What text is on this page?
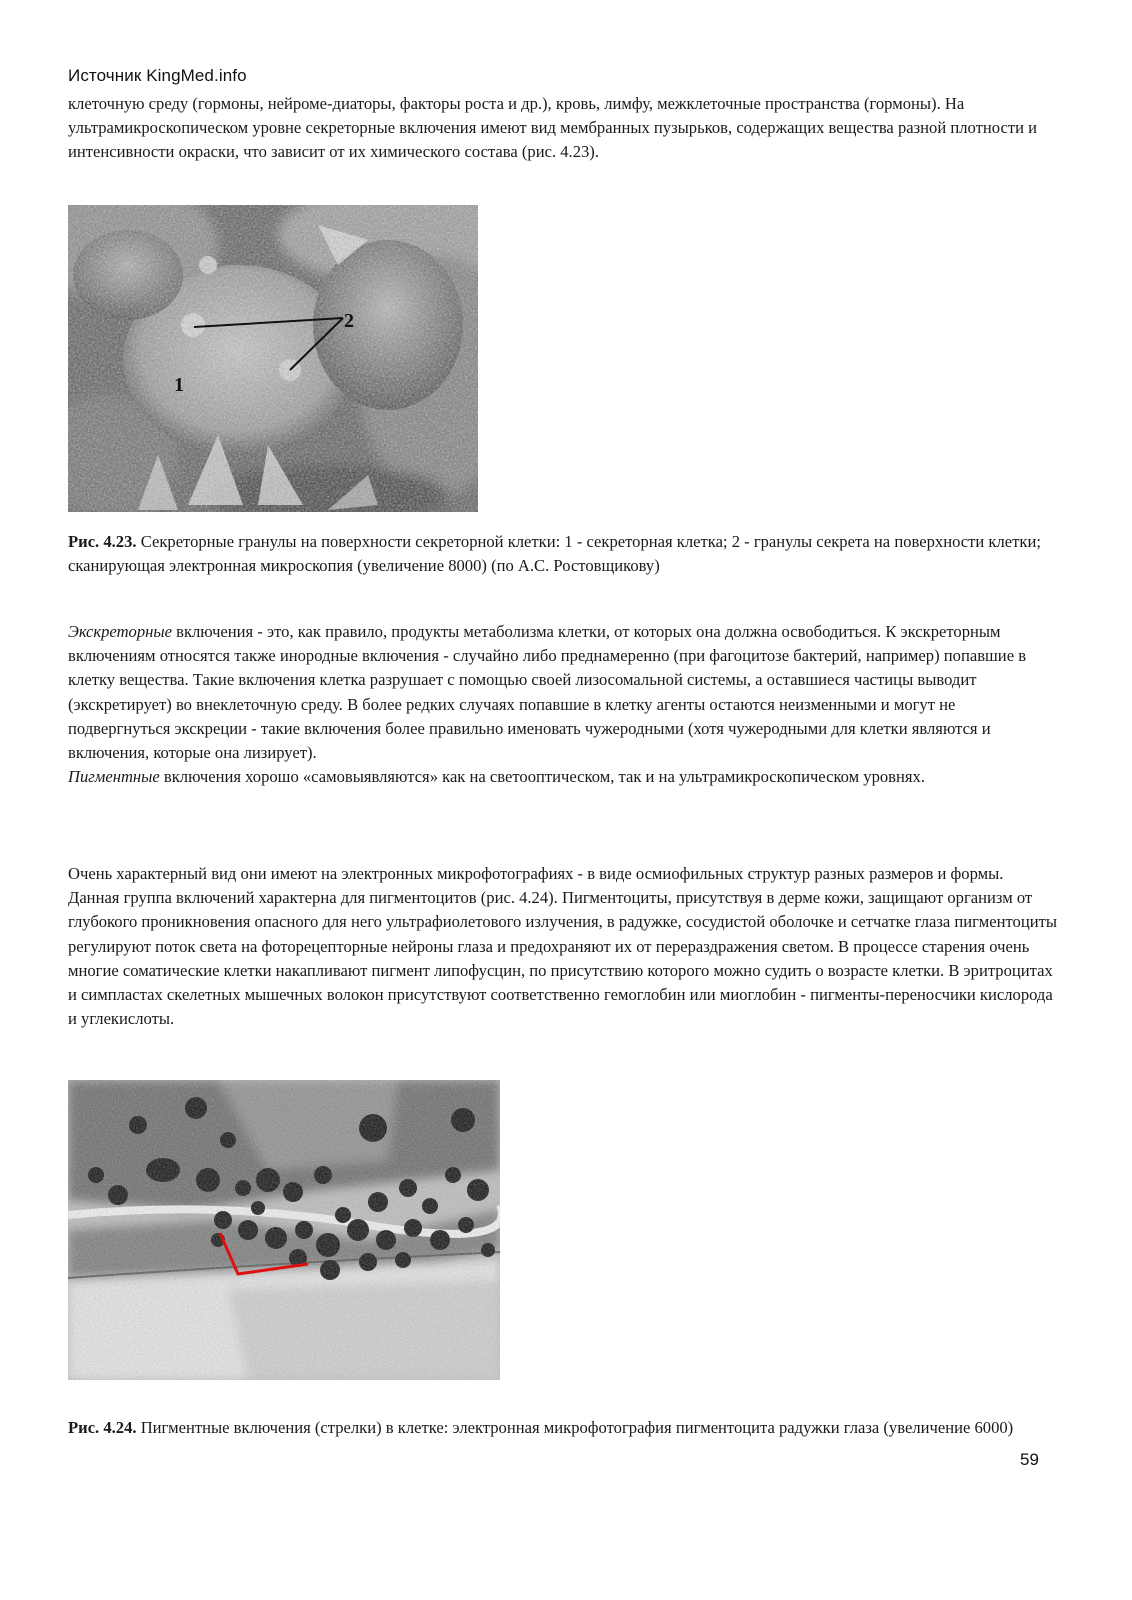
Источник KingMed.info
клеточную среду (гормоны, нейроме-диаторы, факторы роста и др.), кровь, лимфу, межклеточные пространства (гормоны). На ультрамикроскопическом уровне секреторные включения имеют вид мембранных пузырьков, содержащих вещества разной плотности и интенсивности окраски, что зависит от их химического состава (рис. 4.23).
2
1
Рис. 4.23. Секреторные гранулы на поверхности секреторной клетки: 1 - секреторная клетка; 2 - гранулы секрета на поверхности клетки; сканирующая электронная микроскопия (увеличение 8000) (по А.С. Ростовщикову)
Экскреторные включения - это, как правило, продукты метаболизма клетки, от которых она должна освободиться. К экскреторным включениям относятся также инородные включения - случайно либо преднамеренно (при фагоцитозе бактерий, например) попавшие в клетку вещества. Такие включения клетка разрушает с помощью своей лизосомальной системы, а оставшиеся частицы выводит (экскретирует) во внеклеточную среду. В более редких случаях попавшие в клетку агенты остаются неизменными и могут не подвергнуться экскреции - такие включения более правильно именовать чужеродными (хотя чужеродными для клетки являются и включения, которые она лизирует).
Пигментные включения хорошо «самовыявляются» как на светооптическом, так и на ультрамикроскопическом уровнях.
Очень характерный вид они имеют на электронных микрофотографиях - в виде осмиофильных структур разных размеров и формы. Данная группа включений характерна для пигментоцитов (рис. 4.24). Пигментоциты, присутствуя в дерме кожи, защищают организм от глубокого проникновения опасного для него ультрафиолетового излучения, в радужке, сосудистой оболочке и сетчатке глаза пигментоциты регулируют поток света на фоторецепторные нейроны глаза и предохраняют их от перераздражения светом. В процессе старения очень многие соматические клетки накапливают пигмент липофусцин, по присутствию которого можно судить о возрасте клетки. В эритроцитах и симпластах скелетных мышечных волокон присутствуют соответственно гемоглобин или миоглобин - пигменты-переносчики кислорода и углекислоты.
Рис. 4.24. Пигментные включения (стрелки) в клетке: электронная микрофотография пигментоцита радужки глаза (увеличение 6000)
59
